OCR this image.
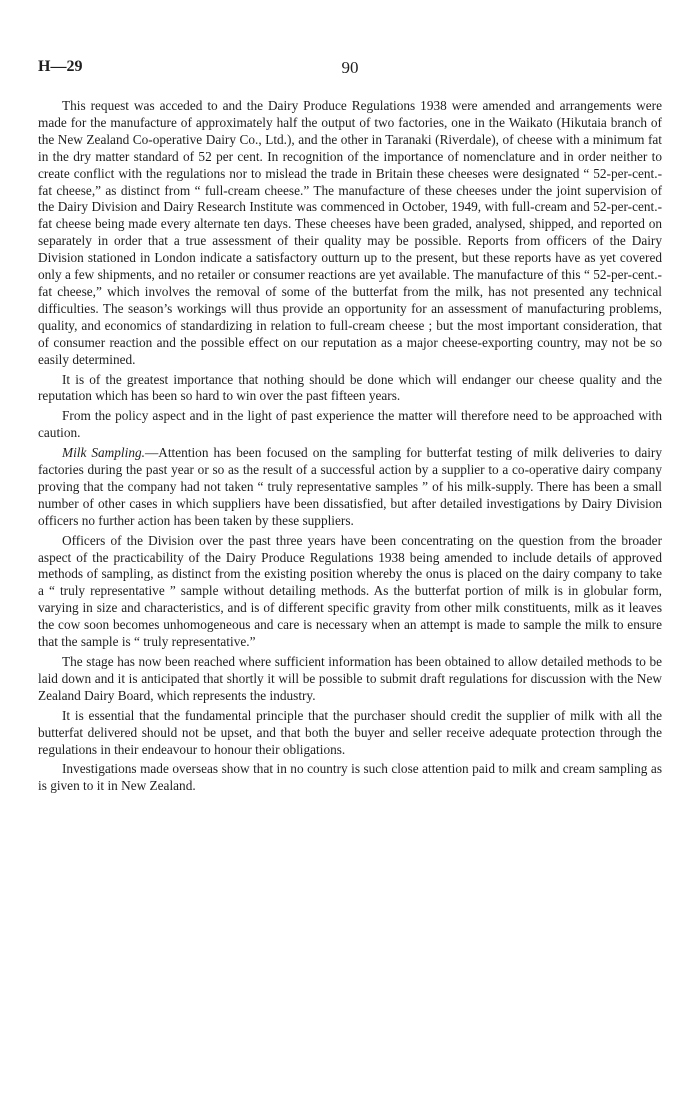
H—29	90

This request was acceded to and the Dairy Produce Regulations 1938 were amended and arrangements were made for the manufacture of approximately half the output of two factories, one in the Waikato (Hikutaia branch of the New Zealand Co-operative Dairy Co., Ltd.), and the other in Taranaki (Riverdale), of cheese with a minimum fat in the dry matter standard of 52 per cent. In recognition of the importance of nomenclature and in order neither to create conflict with the regulations nor to mislead the trade in Britain these cheeses were designated “ 52-per-cent.-fat cheese,” as distinct from “ full-cream cheese.” The manufacture of these cheeses under the joint supervision of the Dairy Division and Dairy Research Institute was commenced in October, 1949, with full-cream and 52-per-cent.-fat cheese being made every alternate ten days. These cheeses have been graded, analysed, shipped, and reported on separately in order that a true assessment of their quality may be possible. Reports from officers of the Dairy Division stationed in London indicate a satisfactory outturn up to the present, but these reports have as yet covered only a few shipments, and no retailer or consumer reactions are yet available. The manufacture of this “ 52-per-cent.-fat cheese,” which involves the removal of some of the butterfat from the milk, has not presented any technical difficulties. The season’s workings will thus provide an opportunity for an assessment of manufacturing problems, quality, and economics of standardizing in relation to full-cream cheese ; but the most important consideration, that of consumer reaction and the possible effect on our reputation as a major cheese-exporting country, may not be so easily determined.

It is of the greatest importance that nothing should be done which will endanger our cheese quality and the reputation which has been so hard to win over the past fifteen years.

From the policy aspect and in the light of past experience the matter will therefore need to be approached with caution.

Milk Sampling.—Attention has been focused on the sampling for butterfat testing of milk deliveries to dairy factories during the past year or so as the result of a successful action by a supplier to a co-operative dairy company proving that the company had not taken “ truly representative samples ” of his milk-supply. There has been a small number of other cases in which suppliers have been dissatisfied, but after detailed investigations by Dairy Division officers no further action has been taken by these suppliers.

Officers of the Division over the past three years have been concentrating on the question from the broader aspect of the practicability of the Dairy Produce Regulations 1938 being amended to include details of approved methods of sampling, as distinct from the existing position whereby the onus is placed on the dairy company to take a “ truly representative ” sample without detailing methods. As the butterfat portion of milk is in globular form, varying in size and characteristics, and is of different specific gravity from other milk constituents, milk as it leaves the cow soon becomes unhomogeneous and care is necessary when an attempt is made to sample the milk to ensure that the sample is “ truly representative.”

The stage has now been reached where sufficient information has been obtained to allow detailed methods to be laid down and it is anticipated that shortly it will be possible to submit draft regulations for discussion with the New Zealand Dairy Board, which represents the industry.

It is essential that the fundamental principle that the purchaser should credit the supplier of milk with all the butterfat delivered should not be upset, and that both the buyer and seller receive adequate protection through the regulations in their endeavour to honour their obligations.

Investigations made overseas show that in no country is such close attention paid to milk and cream sampling as is given to it in New Zealand.
